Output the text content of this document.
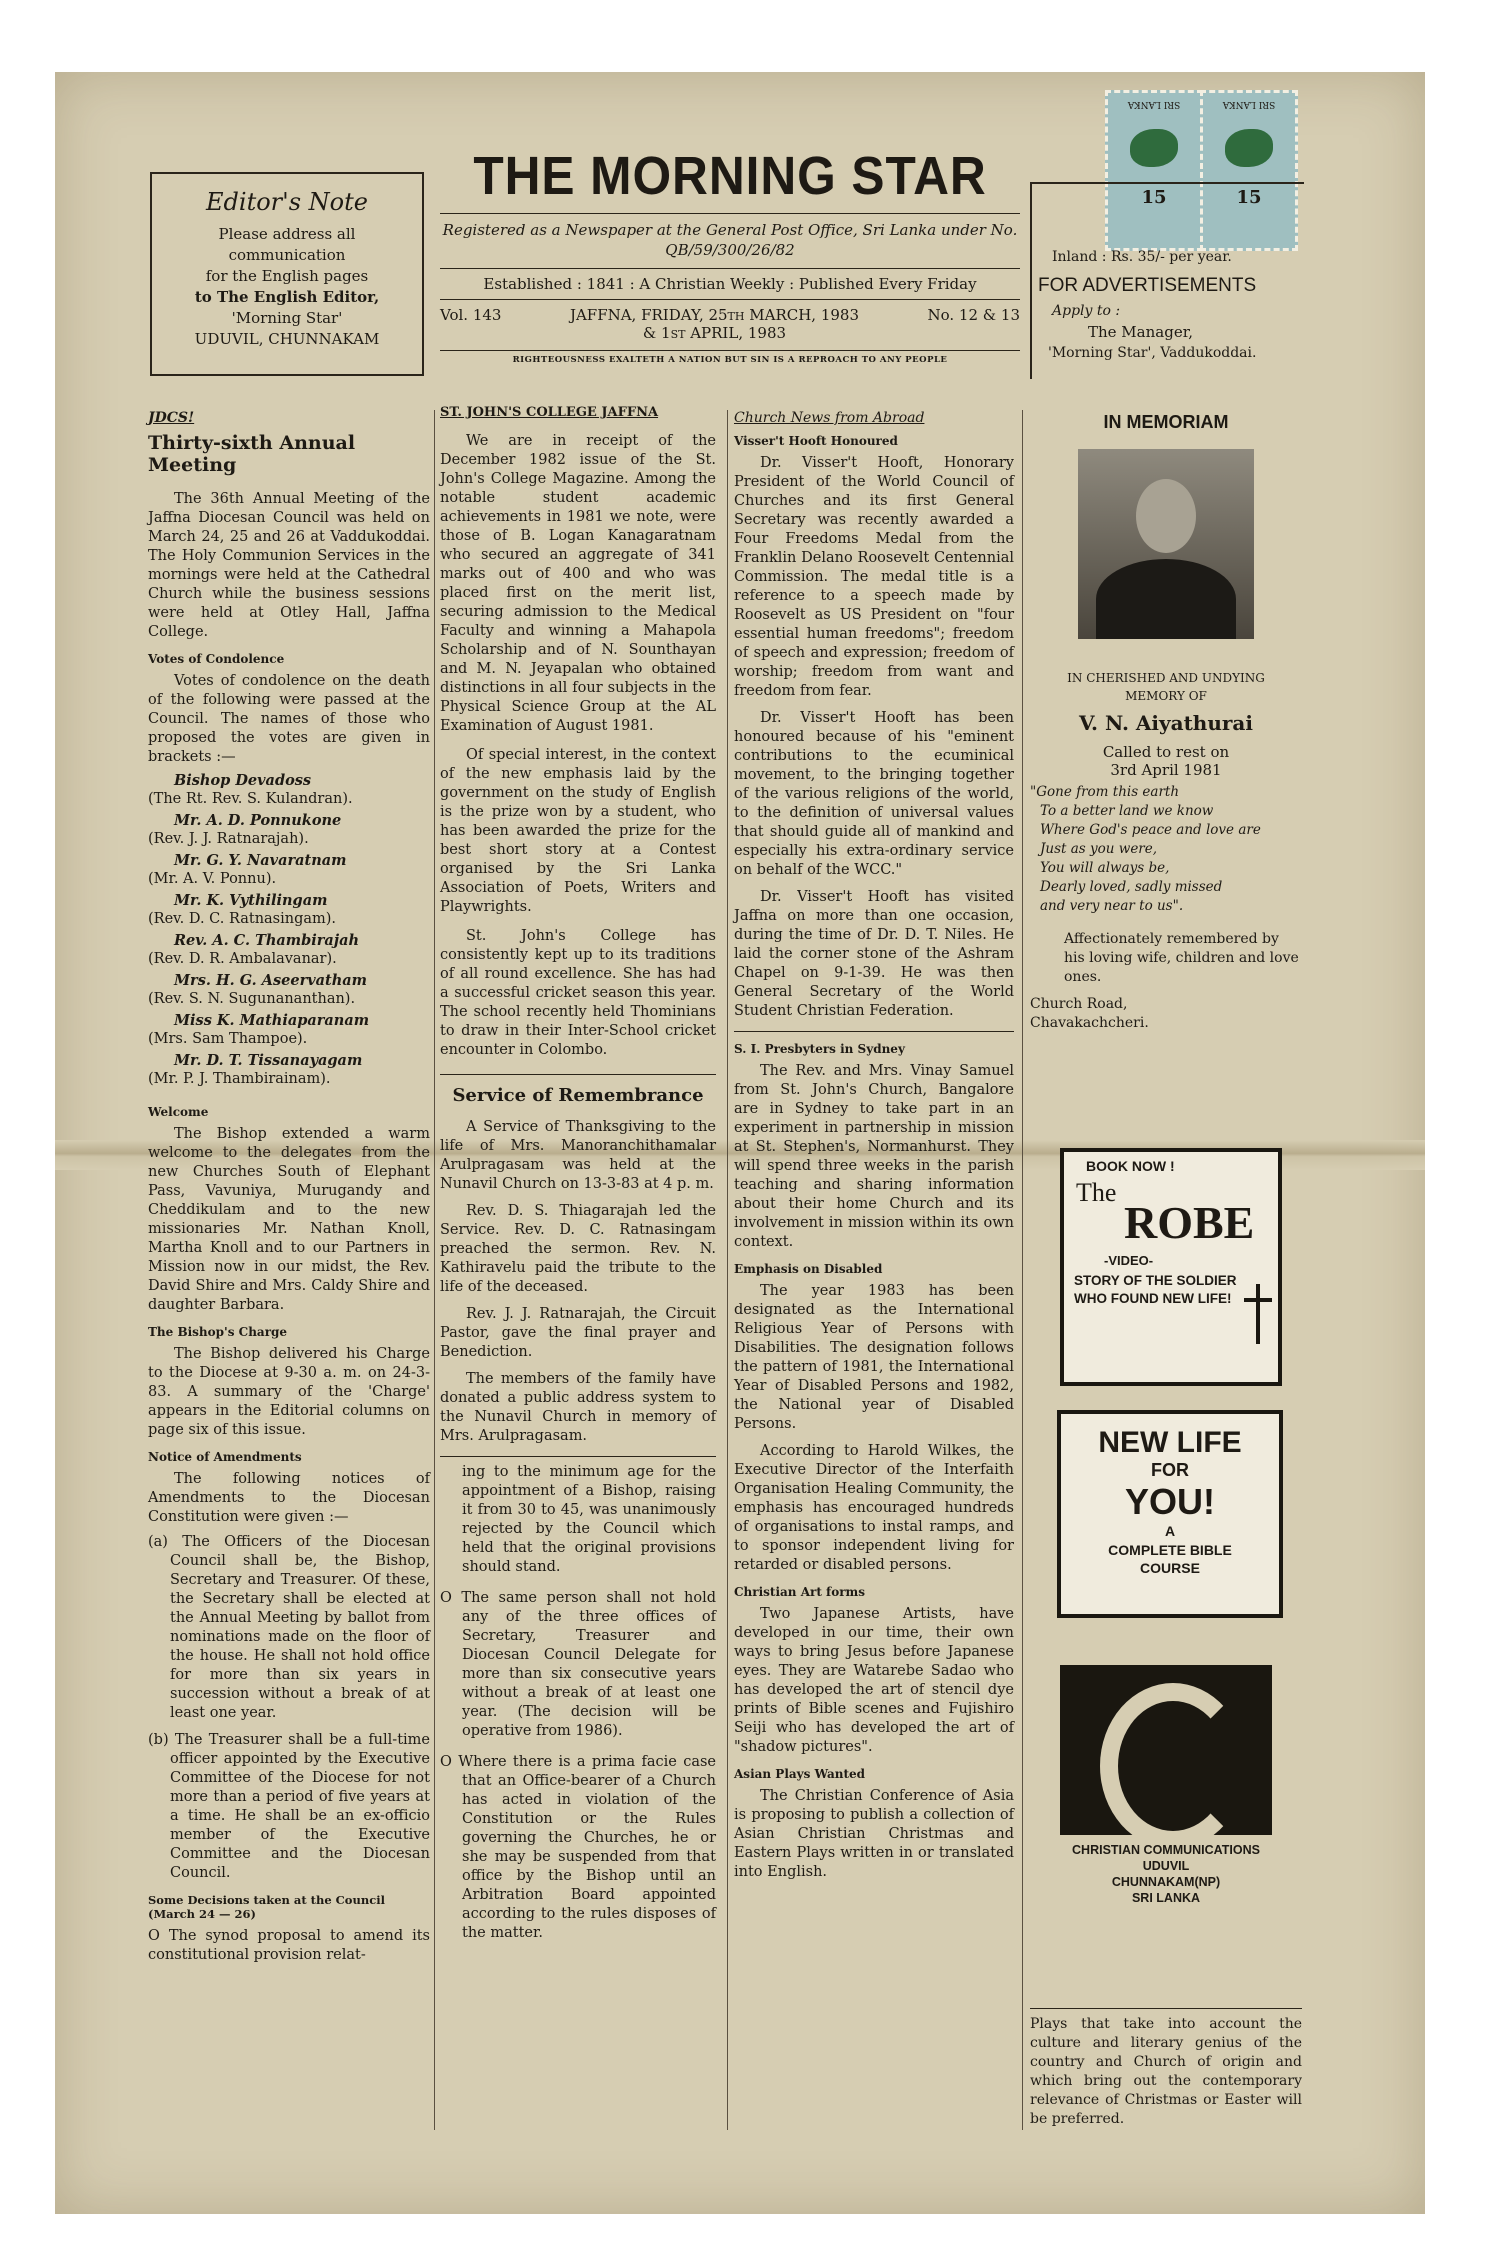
Editor's Note
Please address all
communication
for the English pages
to The English Editor,
'Morning Star'
UDUVIL, CHUNNAKAM
THE MORNING STAR
Registered as a Newspaper at the General Post Office, Sri Lanka under No. QB/59/300/26/82
Established : 1841 : A Christian Weekly : Published Every Friday
Vol. 143	JAFFNA, FRIDAY, 25th MARCH, 1983
& 1st APRIL, 1983
No. 12 & 13
RIGHTEOUSNESS EXALTETH A NATION BUT SIN IS A REPROACH TO ANY PEOPLE
SRI LANKA
15
SRI LANKA
15
Inland : Rs. 35/- per year.
FOR ADVERTISEMENTS
Apply to :
The Manager,
'Morning Star', Vaddukoddai.
JDCS!
Thirty-sixth Annual Meeting

The 36th Annual Meeting of the Jaffna Diocesan Council was held on March 24, 25 and 26 at Vaddukoddai. The Holy Communion Services in the mornings were held at the Cathedral Church while the business sessions were held at Otley Hall, Jaffna College.

Votes of Condolence

Votes of condolence on the death of the following were passed at the Council. The names of those who proposed the votes are given in brackets :—

Bishop Devadoss

(The Rt. Rev. S. Kulandran).

Mr. A. D. Ponnukone

(Rev. J. J. Ratnarajah).

Mr. G. Y. Navaratnam

(Mr. A. V. Ponnu).

Mr. K. Vythilingam

(Rev. D. C. Ratnasingam).

Rev. A. C. Thambirajah

(Rev. D. R. Ambalavanar).

Mrs. H. G. Aseervatham

(Rev. S. N. Sugunananthan).

Miss K. Mathiaparanam

(Mrs. Sam Thampoe).

Mr. D. T. Tissanayagam

(Mr. P. J. Thambirainam).

Welcome

The Bishop extended a warm welcome to the delegates from the new Churches South of Elephant Pass, Vavuniya, Murugandy and Cheddikulam and to the new missionaries Mr. Nathan Knoll, Martha Knoll and to our Partners in Mission now in our midst, the Rev. David Shire and Mrs. Caldy Shire and daughter Barbara.

The Bishop's Charge

The Bishop delivered his Charge to the Diocese at 9-30 a. m. on 24-3-83. A summary of the 'Charge' appears in the Editorial columns on page six of this issue.

Notice of Amendments

The following notices of Amendments to the Diocesan Constitution were given :—

(a) The Officers of the Diocesan Council shall be, the Bishop, Secretary and Treasurer. Of these, the Secretary shall be elected at the Annual Meeting by ballot from nominations made on the floor of the house. He shall not hold office for more than six years in succession without a break of at least one year.

(b) The Treasurer shall be a full-time officer appointed by the Executive Committee of the Diocese for not more than a period of five years at a time. He shall be an ex-officio member of the Executive Committee and the Diocesan Council.

Some Decisions taken at the Council (March 24 — 26)

O The synod proposal to amend its constitutional provision relat-

ST. JOHN'S COLLEGE JAFFNA

We are in receipt of the December 1982 issue of the St. John's College Magazine. Among the notable student academic achievements in 1981 we note, were those of B. Logan Kanagaratnam who secured an aggregate of 341 marks out of 400 and who was placed first on the merit list, securing admission to the Medical Faculty and winning a Mahapola Scholarship and of N. Sounthayan and M. N. Jeyapalan who obtained distinctions in all four subjects in the Physical Science Group at the AL Examination of August 1981.

Of special interest, in the context of the new emphasis laid by the government on the study of English is the prize won by a student, who has been awarded the prize for the best short story at a Contest organised by the Sri Lanka Association of Poets, Writers and Playwrights.

St. John's College has consistently kept up to its traditions of all round excellence. She has had a successful cricket season this year. The school recently held Thominians to draw in their Inter-School cricket encounter in Colombo.

Service of Remembrance

A Service of Thanksgiving to the life of Mrs. Manoranchithamalar Arulpragasam was held at the Nunavil Church on 13-3-83 at 4 p. m.

Rev. D. S. Thiagarajah led the Service. Rev. D. C. Ratnasingam preached the sermon. Rev. N. Kathiravelu paid the tribute to the life of the deceased.

Rev. J. J. Ratnarajah, the Circuit Pastor, gave the final prayer and Benediction.

The members of the family have donated a public address system to the Nunavil Church in memory of Mrs. Arulpragasam.

ing to the minimum age for the appointment of a Bishop, raising it from 30 to 45, was unanimously rejected by the Council which held that the original provisions should stand.

O The same person shall not hold any of the three offices of Secretary, Treasurer and Diocesan Council Delegate for more than six consecutive years without a break of at least one year. (The decision will be operative from 1986).

O Where there is a prima facie case that an Office-bearer of a Church has acted in violation of the Constitution or the Rules governing the Churches, he or she may be suspended from that office by the Bishop until an Arbitration Board appointed according to the rules disposes of the matter.

Church News from Abroad
Visser't Hooft Honoured

Dr. Visser't Hooft, Honorary President of the World Council of Churches and its first General Secretary was recently awarded a Four Freedoms Medal from the Franklin Delano Roosevelt Centennial Commission. The medal title is a reference to a speech made by Roosevelt as US President on "four essential human freedoms"; freedom of speech and expression; freedom of worship; freedom from want and freedom from fear.

Dr. Visser't Hooft has been honoured because of his "eminent contributions to the ecuminical movement, to the bringing together of the various religions of the world, to the definition of universal values that should guide all of mankind and especially his extra-ordinary service on behalf of the WCC."

Dr. Visser't Hooft has visited Jaffna on more than one occasion, during the time of Dr. D. T. Niles. He laid the corner stone of the Ashram Chapel on 9-1-39. He was then General Secretary of the World Student Christian Federation.

S. I. Presbyters in Sydney

The Rev. and Mrs. Vinay Samuel from St. John's Church, Bangalore are in Sydney to take part in an experiment in partnership in mission at St. Stephen's, Normanhurst. They will spend three weeks in the parish teaching and sharing information about their home Church and its involvement in mission within its own context.

Emphasis on Disabled

The year 1983 has been designated as the International Religious Year of Persons with Disabilities. The designation follows the pattern of 1981, the International Year of Disabled Persons and 1982, the National year of Disabled Persons.

According to Harold Wilkes, the Executive Director of the Interfaith Organisation Healing Community, the emphasis has encouraged hundreds of organisations to instal ramps, and to sponsor independent living for retarded or disabled persons.

Christian Art forms

Two Japanese Artists, have developed in our time, their own ways to bring Jesus before Japanese eyes. They are Watarebe Sadao who has developed the art of stencil dye prints of Bible scenes and Fujishiro Seiji who has developed the art of "shadow pictures".

Asian Plays Wanted

The Christian Conference of Asia is proposing to publish a collection of Asian Christian Christmas and Eastern Plays written in or translated into English.

IN MEMORIAM
IN CHERISHED AND UNDYING
MEMORY OF
V. N. Aiyathurai
Called to rest on
3rd April 1981
"Gone from this earth
To a better land we know
Where God's peace and love are
Just as you were,
You will always be,
Dearly loved, sadly missed
and very near to us".

Affectionately remembered by his loving wife, children and love ones.

Church Road,
Chavakachcheri.
BOOK NOW !
The
ROBE
-VIDEO-
STORY OF THE SOLDIER WHO FOUND NEW LIFE!
NEW LIFE
FOR
YOU!
A
COMPLETE BIBLE COURSE
CHRISTIAN COMMUNICATIONS
UDUVIL
CHUNNAKAM(NP)
SRI LANKA

Plays that take into account the culture and literary genius of the country and Church of origin and which bring out the contemporary relevance of Christmas or Easter will be preferred.
